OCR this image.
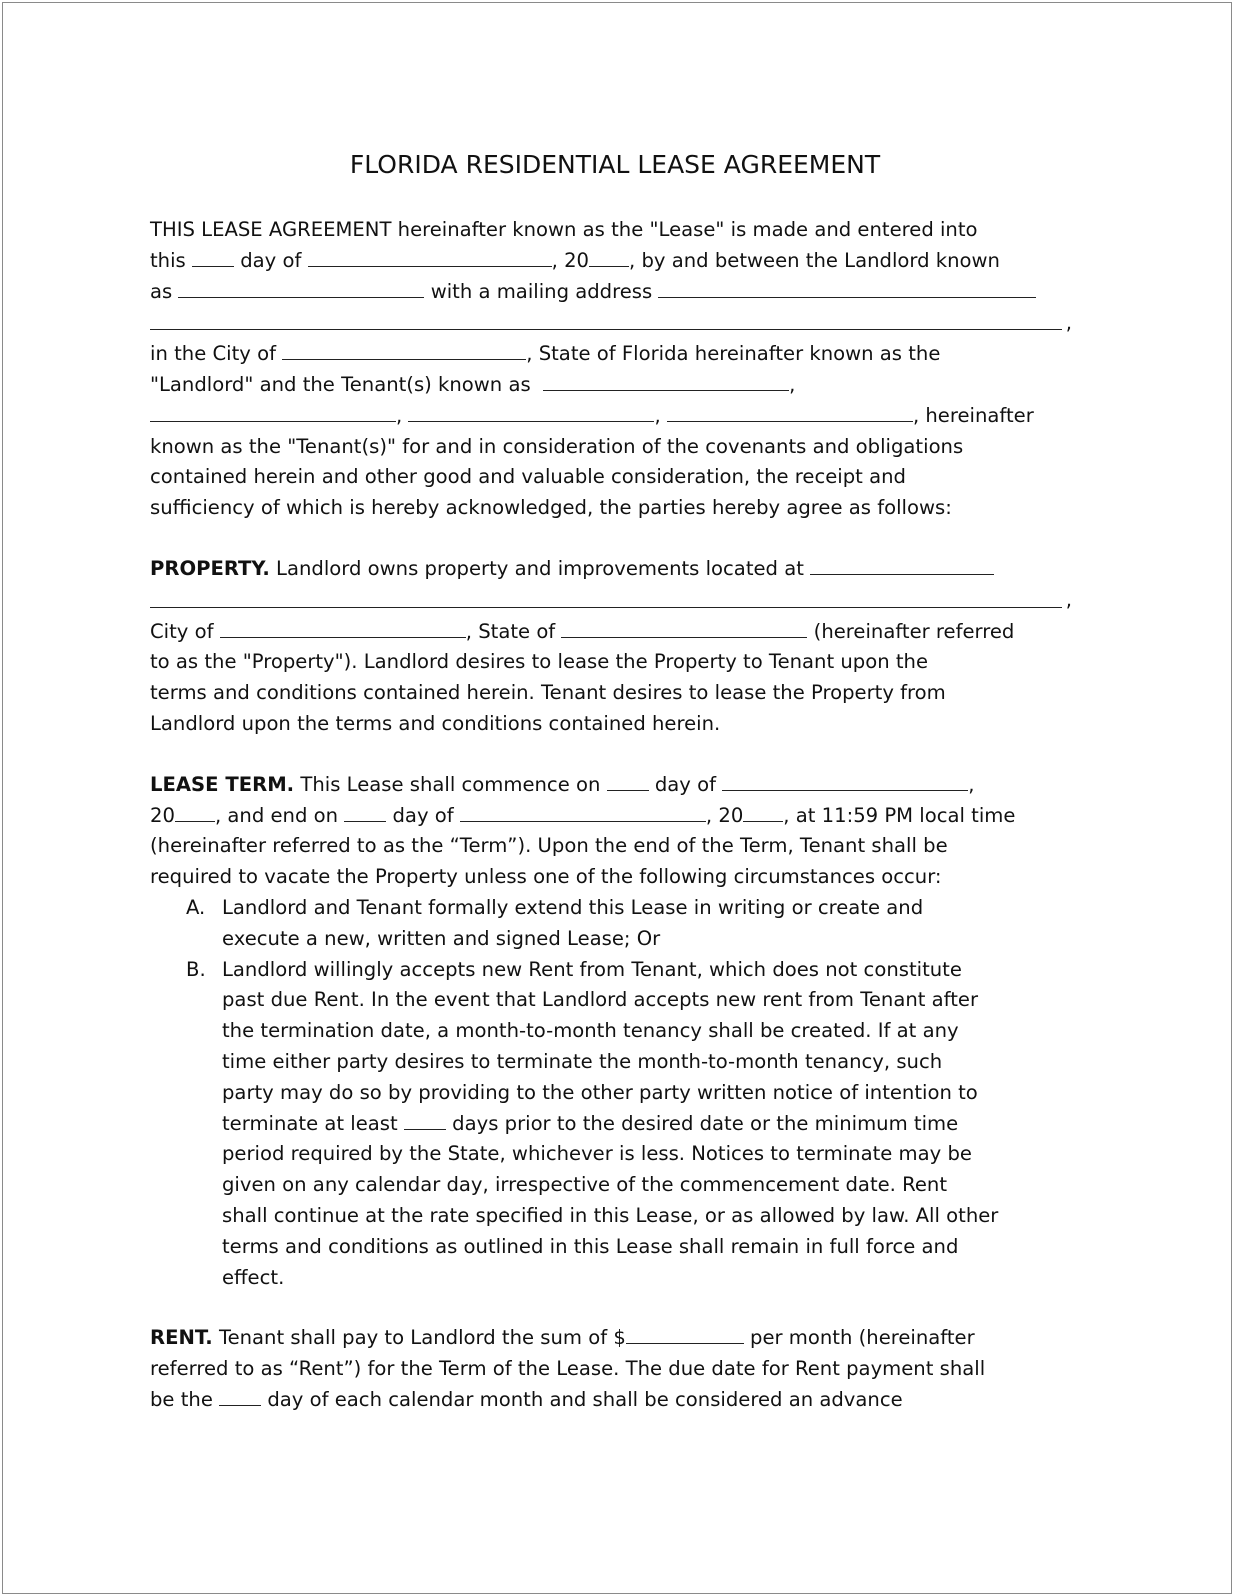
FLORIDA RESIDENTIAL LEASE AGREEMENT
THIS LEASE AGREEMENT hereinafter known as the "Lease" is made and entered into
this	day of	, 20 , by and between the Landlord known
as	with a mailing address
,
in the City of	, State of Florida hereinafter known as the
"Landlord" and the Tenant(s) known as	,
,	,	, hereinafter
known as the "Tenant(s)" for and in consideration of the covenants and obligations
contained herein and other good and valuable consideration, the receipt and
sufficiency of which is hereby acknowledged, the parties hereby agree as follows:
PROPERTY. Landlord owns property and improvements located at
,
City of	, State of	(hereinafter referred
to as the "Property"). Landlord desires to lease the Property to Tenant upon the
terms and conditions contained herein. Tenant desires to lease the Property from
Landlord upon the terms and conditions contained herein.
LEASE TERM. This Lease shall commence on	day of	,
20 , and end on	day of	, 20 , at 11:59 PM local time
(hereinafter referred to as the “Term”). Upon the end of the Term, Tenant shall be
required to vacate the Property unless one of the following circumstances occur:
A. Landlord and Tenant formally extend this Lease in writing or create and
execute a new, written and signed Lease; Or
B. Landlord willingly accepts new Rent from Tenant, which does not constitute
past due Rent. In the event that Landlord accepts new rent from Tenant after
the termination date, a month-to-month tenancy shall be created. If at any
time either party desires to terminate the month-to-month tenancy, such
party may do so by providing to the other party written notice of intention to
terminate at least	days prior to the desired date or the minimum time
period required by the State, whichever is less. Notices to terminate may be
given on any calendar day, irrespective of the commencement date. Rent
shall continue at the rate specified in this Lease, or as allowed by law. All other
terms and conditions as outlined in this Lease shall remain in full force and
effect.
RENT. Tenant shall pay to Landlord the sum of $	per month (hereinafter
referred to as “Rent”) for the Term of the Lease. The due date for Rent payment shall
be the	day of each calendar month and shall be considered an advance
